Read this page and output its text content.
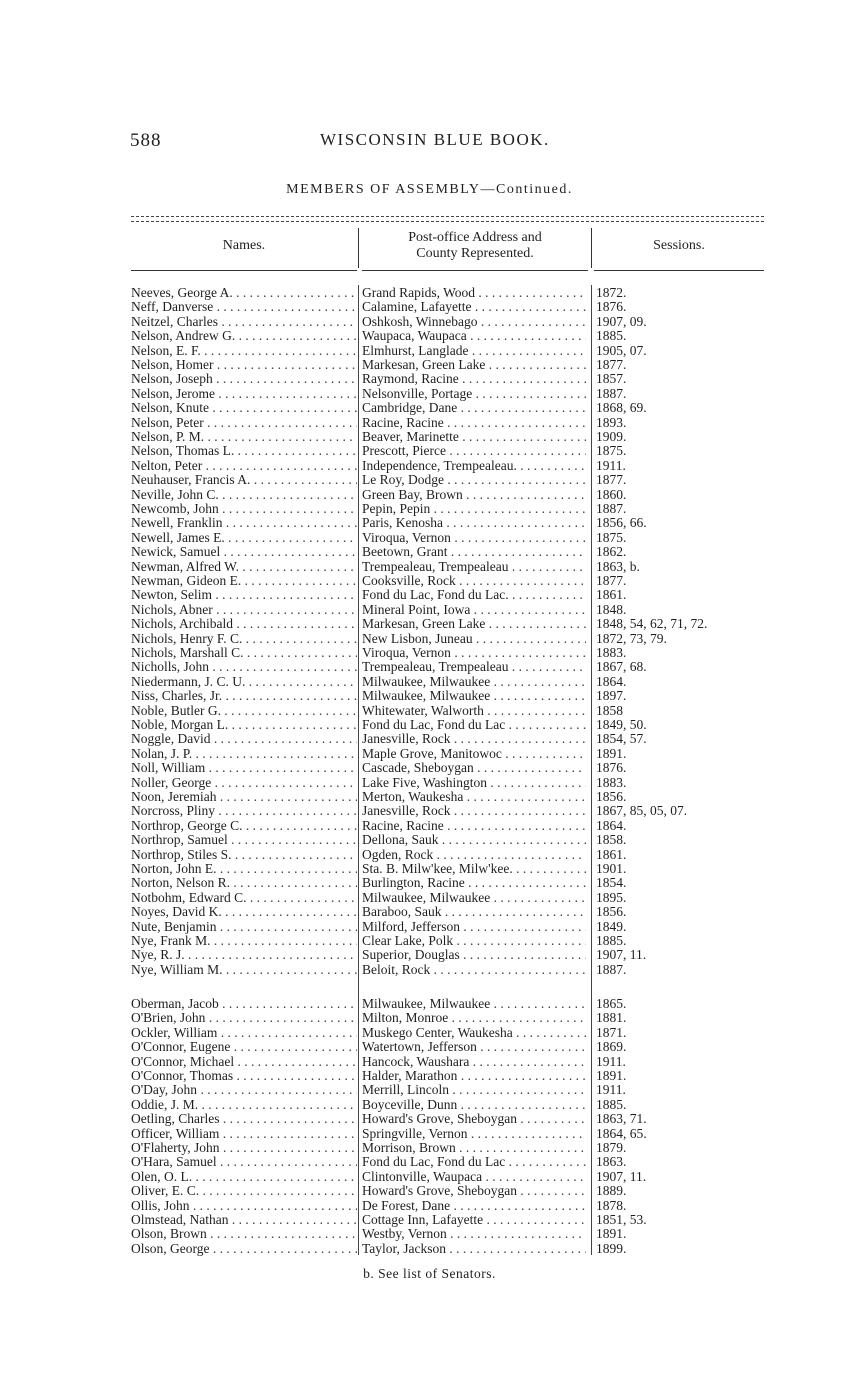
588	WISCONSIN BLUE BOOK.
MEMBERS OF ASSEMBLY—Continued.
Names.
Post-office Address and
County Represented.
Sessions.
Neeves, George A. . . .	Grand Rapids, Wood . . .	1872.
Neff, Danverse . . .	Calamine, Lafayette . . .	1876.
Neitzel, Charles . . .	Oshkosh, Winnebago . . .	1907, 09.
Nelson, Andrew G. . . .	Waupaca, Waupaca . . .	1885.
Nelson, E. F. . . .	Elmhurst, Langlade . . .	1905, 07.
Nelson, Homer . . .	Markesan, Green Lake . . .	1877.
Nelson, Joseph . . .	Raymond, Racine . . .	1857.
Nelson, Jerome . . .	Nelsonville, Portage . . .	1887.
Nelson, Knute . . .	Cambridge, Dane . . .	1868, 69.
Nelson, Peter . . .	Racine, Racine . . .	1893.
Nelson, P. M. . . .	Beaver, Marinette . . .	1909.
Nelson, Thomas L. . . .	Prescott, Pierce . . .	1875.
Nelton, Peter . . .	Independence, Trempealeau. . . .	1911.
Neuhauser, Francis A. . . .	Le Roy, Dodge . . .	1877.
Neville, John C. . . .	Green Bay, Brown . . .	1860.
Newcomb, John . . .	Pepin, Pepin . . .	1887.
Newell, Franklin . . .	Paris, Kenosha . . .	1856, 66.
Newell, James E. . . .	Viroqua, Vernon . . .	1875.
Newick, Samuel . . .	Beetown, Grant . . .	1862.
Newman, Alfred W. . . .	Trempealeau, Trempealeau . . .	1863, b.
Newman, Gideon E. . . .	Cooksville, Rock . . .	1877.
Newton, Selim . . .	Fond du Lac, Fond du Lac. . . .	1861.
Nichols, Abner . . .	Mineral Point, Iowa . . .	1848.
Nichols, Archibald . . .	Markesan, Green Lake . . .	1848, 54, 62, 71, 72.
Nichols, Henry F. C. . . .	New Lisbon, Juneau . . .	1872, 73, 79.
Nichols, Marshall C. . . .	Viroqua, Vernon . . .	1883.
Nicholls, John . . .	Trempealeau, Trempealeau . . .	1867, 68.
Niedermann, J. C. U. . . .	Milwaukee, Milwaukee . . .	1864.
Niss, Charles, Jr. . . .	Milwaukee, Milwaukee . . .	1897.
Noble, Butler G. . . .	Whitewater, Walworth . . .	1858
Noble, Morgan L. . . .	Fond du Lac, Fond du Lac . . .	1849, 50.
Noggle, David . . .	Janesville, Rock . . .	1854, 57.
Nolan, J. P. . . .	Maple Grove, Manitowoc . . .	1891.
Noll, William . . .	Cascade, Sheboygan . . .	1876.
Noller, George . . .	Lake Five, Washington . . .	1883.
Noon, Jeremiah . . .	Merton, Waukesha . . .	1856.
Norcross, Pliny . . .	Janesville, Rock . . .	1867, 85, 05, 07.
Northrop, George C. . . .	Racine, Racine . . .	1864.
Northrop, Samuel . . .	Dellona, Sauk . . .	1858.
Northrop, Stiles S. . . .	Ogden, Rock . . .	1861.
Norton, John E. . . .	Sta. B. Milw'kee, Milw'kee. . . .	1901.
Norton, Nelson R. . . .	Burlington, Racine . . .	1854.
Notbohm, Edward C. . . .	Milwaukee, Milwaukee . . .	1895.
Noyes, David K. . . .	Baraboo, Sauk . . .	1856.
Nute, Benjamin . . .	Milford, Jefferson . . .	1849.
Nye, Frank M. . . .	Clear Lake, Polk . . .	1885.
Nye, R. J. . . .	Superior, Douglas . . .	1907, 11.
Nye, William M. . . .	Beloit, Rock . . .	1887.
Oberman, Jacob . . .	Milwaukee, Milwaukee . . .	1865.
O'Brien, John . . .	Milton, Monroe . . .	1881.
Ockler, William . . .	Muskego Center, Waukesha . . .	1871.
O'Connor, Eugene . . .	Watertown, Jefferson . . .	1869.
O'Connor, Michael . . .	Hancock, Waushara . . .	1911.
O'Connor, Thomas . . .	Halder, Marathon . . .	1891.
O'Day, John . . .	Merrill, Lincoln . . .	1911.
Oddie, J. M. . . .	Boyceville, Dunn . . .	1885.
Oetling, Charles . . .	Howard's Grove, Sheboygan . . .	1863, 71.
Officer, William . . .	Springville, Vernon . . .	1864, 65.
O'Flaherty, John . . .	Morrison, Brown . . .	1879.
O'Hara, Samuel . . .	Fond du Lac, Fond du Lac . . .	1863.
Olen, O. L. . . .	Clintonville, Waupaca . . .	1907, 11.
Oliver, E. C. . . .	Howard's Grove, Sheboygan . . .	1889.
Ollis, John . . .	De Forest, Dane . . .	1878.
Olmstead, Nathan . . .	Cottage Inn, Lafayette . . .	1851, 53.
Olson, Brown . . .	Westby, Vernon . . .	1891.
Olson, George . . .	Taylor, Jackson . . .	1899.
b. See list of Senators.
